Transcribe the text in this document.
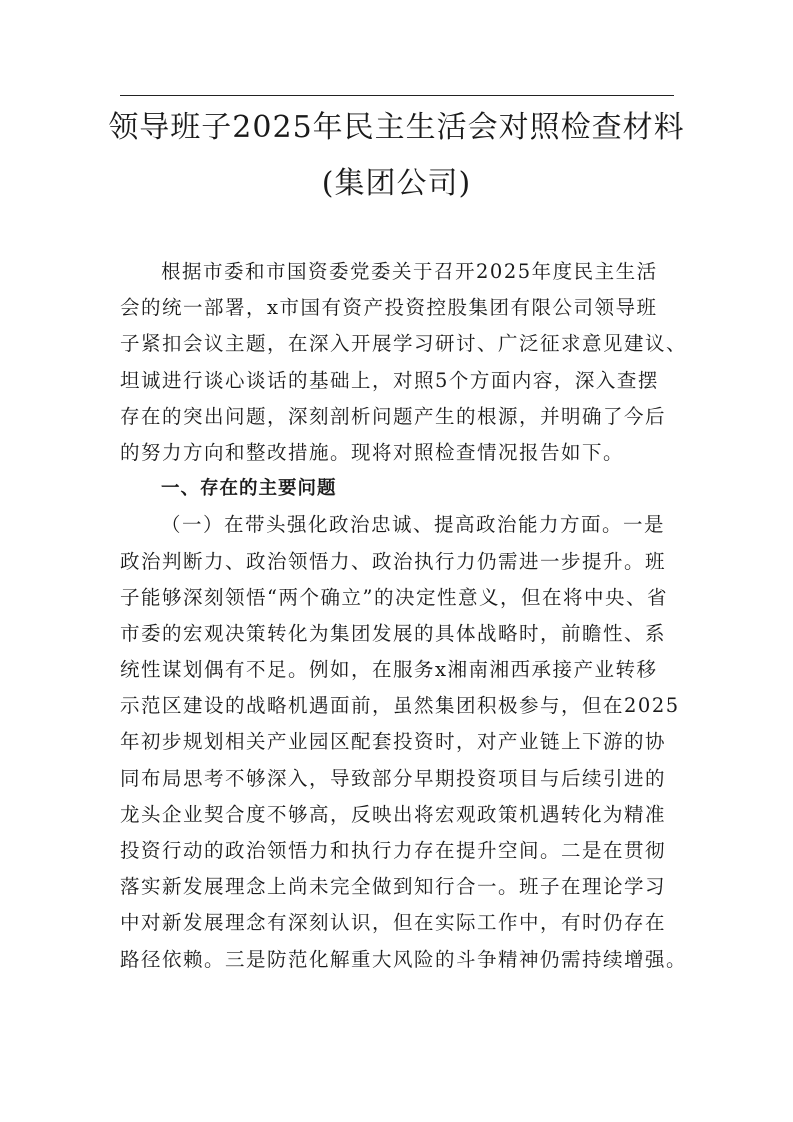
领导班子2025年民主生活会对照检查材料
(集团公司)
根据市委和市国资委党委关于召开2025年度民主生活
会的统一部署，x市国有资产投资控股集团有限公司领导班
子紧扣会议主题，在深入开展学习研讨、广泛征求意见建议、
坦诚进行谈心谈话的基础上，对照5个方面内容，深入查摆
存在的突出问题，深刻剖析问题产生的根源，并明确了今后
的努力方向和整改措施。现将对照检查情况报告如下。
一、存在的主要问题
（一）在带头强化政治忠诚、提高政治能力方面。一是
政治判断力、政治领悟力、政治执行力仍需进一步提升。班
子能够深刻领悟“两个确立”的决定性意义，但在将中央、省
市委的宏观决策转化为集团发展的具体战略时，前瞻性、系
统性谋划偶有不足。例如，在服务x湘南湘西承接产业转移
示范区建设的战略机遇面前，虽然集团积极参与，但在2025
年初步规划相关产业园区配套投资时，对产业链上下游的协
同布局思考不够深入，导致部分早期投资项目与后续引进的
龙头企业契合度不够高，反映出将宏观政策机遇转化为精准
投资行动的政治领悟力和执行力存在提升空间。二是在贯彻
落实新发展理念上尚未完全做到知行合一。班子在理论学习
中对新发展理念有深刻认识，但在实际工作中，有时仍存在
路径依赖。三是防范化解重大风险的斗争精神仍需持续增强。
